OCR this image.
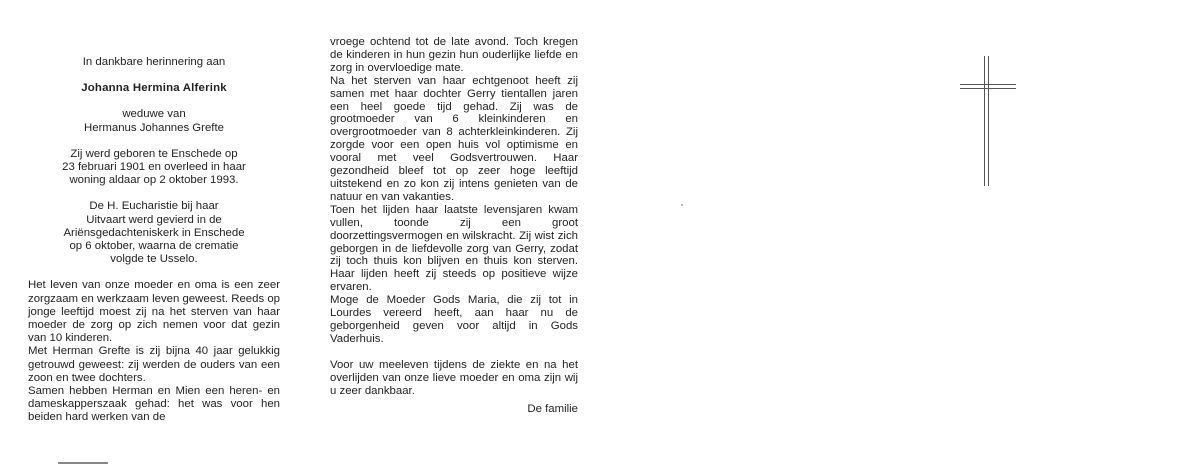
In dankbare herinnering aan
Johanna Hermina Alferink
weduwe van
Hermanus Johannes Grefte
Zij werd geboren te Enschede op
23 februari 1901 en overleed in haar
woning aldaar op 2 oktober 1993.
De H. Eucharistie bij haar
Uitvaart werd gevierd in de
Ariënsgedachteniskerk in Enschede
op 6 oktober, waarna de crematie
volgde te Usselo.

Het leven van onze moeder en oma is een zeer zorgzaam en werkzaam leven geweest. Reeds op jonge leeftijd moest zij na het sterven van haar moeder de zorg op zich nemen voor dat gezin van 10 kinderen.

Met Herman Grefte is zij bijna 40 jaar gelukkig getrouwd geweest: zij werden de ouders van een zoon en twee dochters.

Samen hebben Herman en Mien een heren- en dameskapperszaak gehad: het was voor hen beiden hard werken van de

vroege ochtend tot de late avond. Toch kregen de kinderen in hun gezin hun ouderlijke liefde en zorg in overvloedige mate.

Na het sterven van haar echtgenoot heeft zij samen met haar dochter Gerry tientallen jaren een heel goede tijd gehad. Zij was de grootmoeder van 6 kleinkinderen en overgrootmoeder van 8 achterkleinkinderen. Zij zorgde voor een open huis vol optimisme en vooral met veel Godsvertrouwen. Haar gezondheid bleef tot op zeer hoge leeftijd uitstekend en zo kon zij intens genieten van de natuur en van vakanties.

Toen het lijden haar laatste levensjaren kwam vullen, toonde zij een groot doorzettingsvermogen en wilskracht. Zij wist zich geborgen in de liefdevolle zorg van Gerry, zodat zij toch thuis kon blijven en thuis kon sterven. Haar lijden heeft zij steeds op positieve wijze ervaren.

Moge de Moeder Gods Maria, die zij tot in Lourdes vereerd heeft, aan haar nu de geborgenheid geven voor altijd in Gods Vaderhuis.

Voor uw meeleven tijdens de ziekte en na het overlijden van onze lieve moeder en oma zijn wij u zeer dankbaar.

De familie
